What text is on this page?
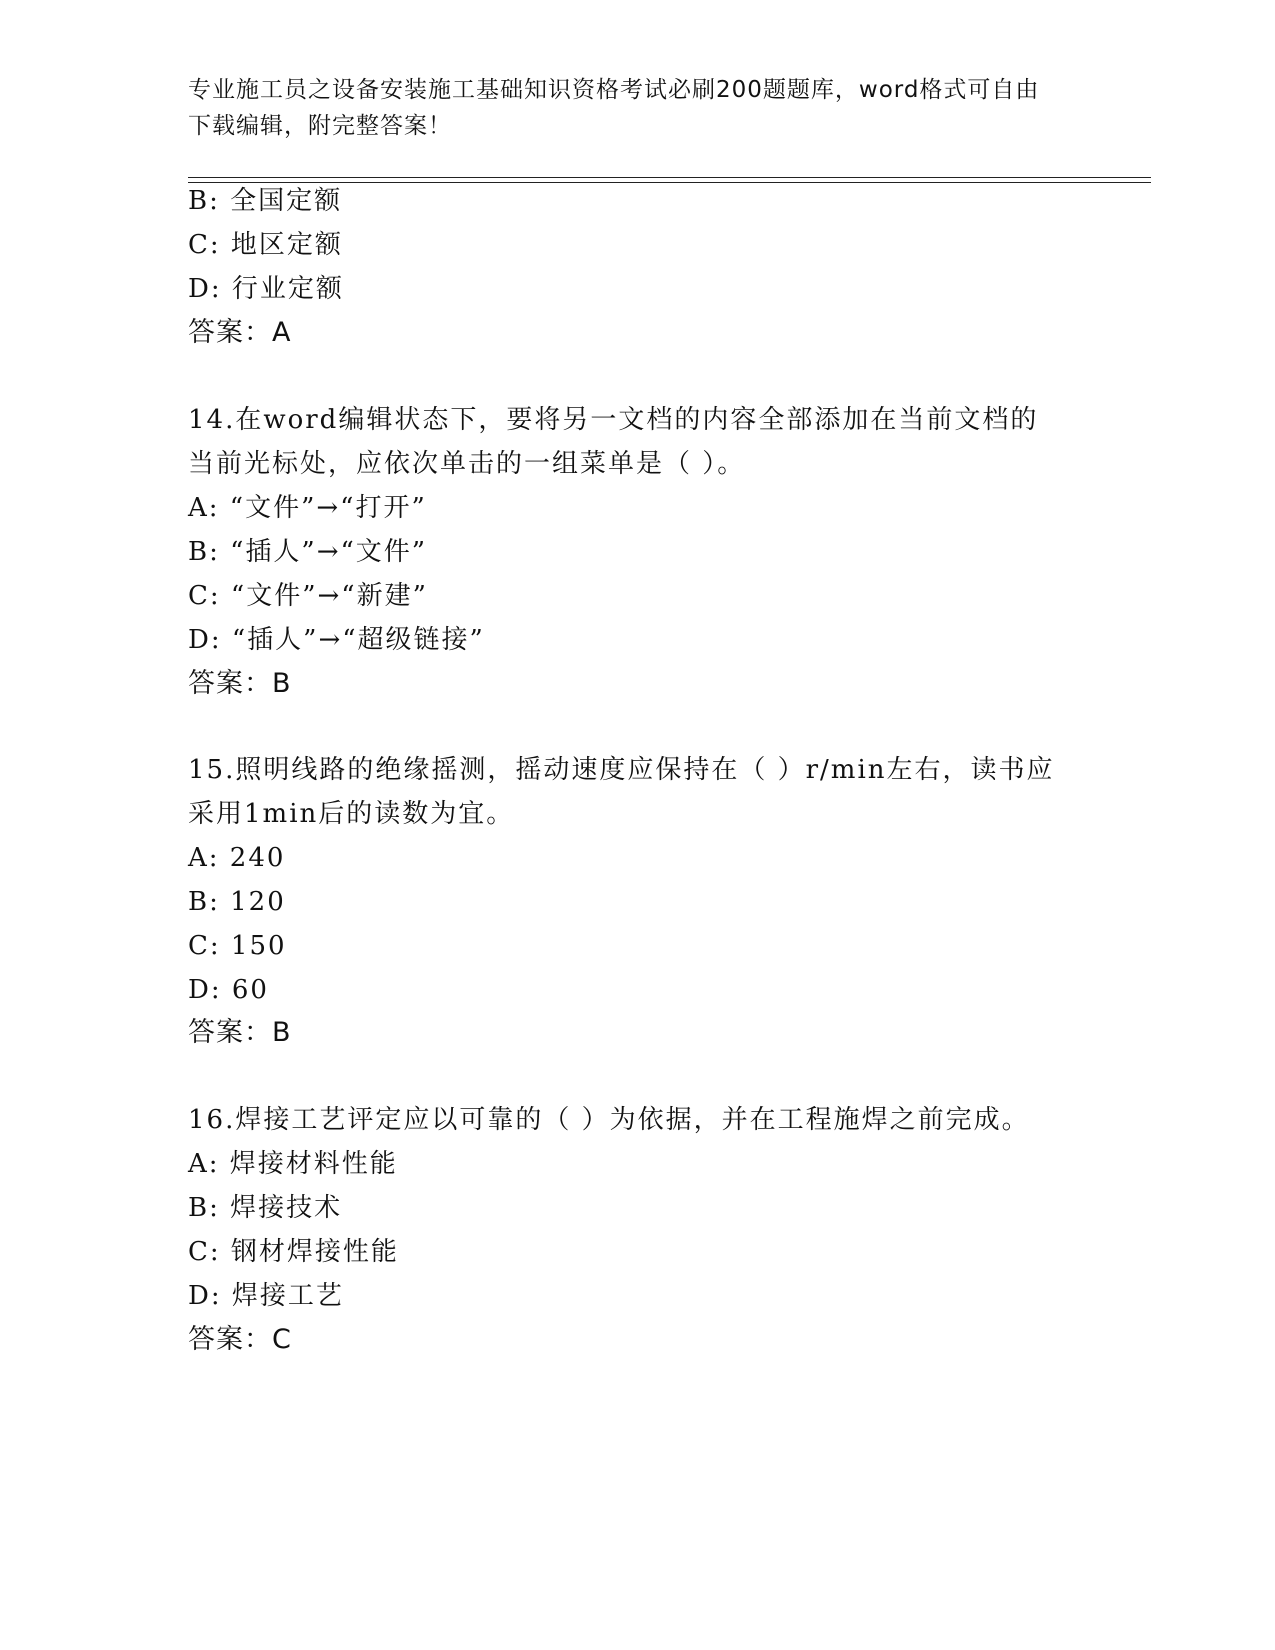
专业施工员之设备安装施工基础知识资格考试必刷200题题库，word格式可自由
下载编辑，附完整答案！
B: 全国定额
C: 地区定额
D: 行业定额
答案：A
14.在word编辑状态下，要将另一文档的内容全部添加在当前文档的
当前光标处，应依次单击的一组菜单是（ ）。
A: “文件”→“打开”
B: “插人”→“文件”
C: “文件”→“新建”
D: “插人”→“超级链接”
答案：B
15.照明线路的绝缘摇测，摇动速度应保持在（ ）r/min左右，读书应
采用1min后的读数为宜。
A: 240
B: 120
C: 150
D: 60
答案：B
16.焊接工艺评定应以可靠的（ ）为依据，并在工程施焊之前完成。
A: 焊接材料性能
B: 焊接技术
C: 钢材焊接性能
D: 焊接工艺
答案：C
